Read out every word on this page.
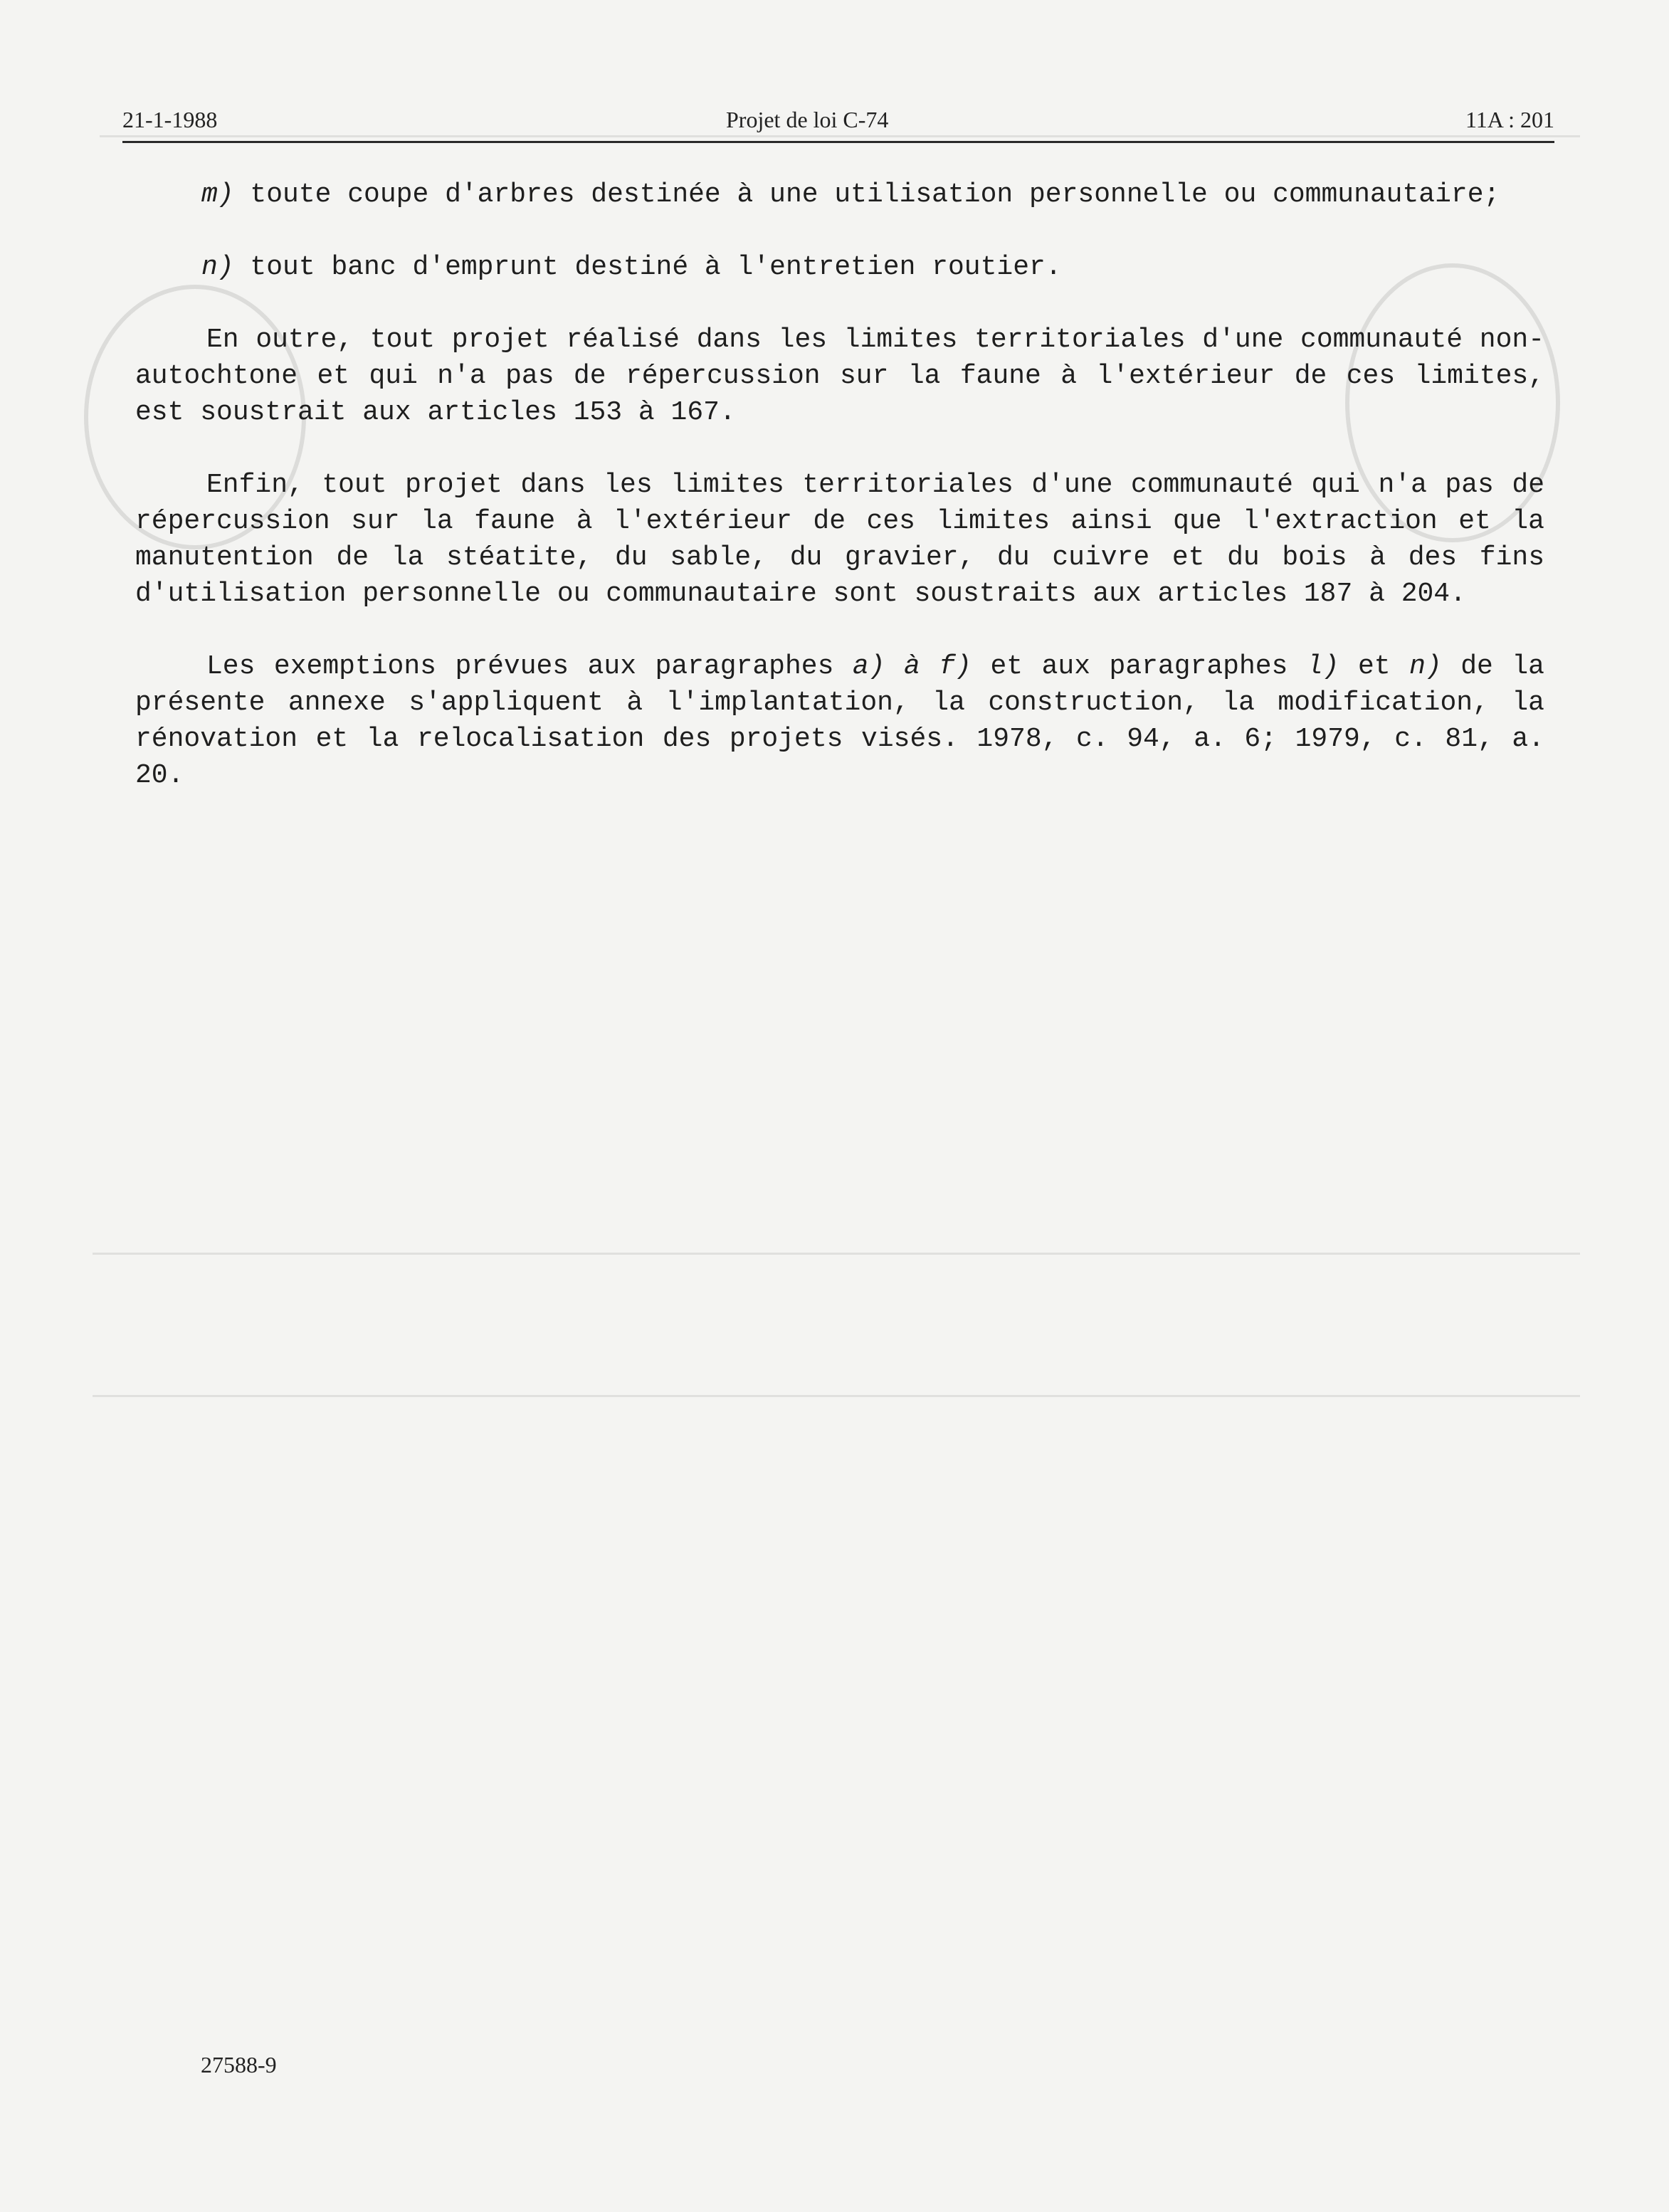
21-1-1988	Projet de loi C-74	11A : 201
m) toute coupe d'arbres destinée à une utilisation personnelle ou communautaire;
n) tout banc d'emprunt destiné à l'entretien routier.
En outre, tout projet réalisé dans les limites territoriales d'une communauté non-autochtone et qui n'a pas de répercussion sur la faune à l'extérieur de ces limites, est soustrait aux articles 153 à 167.
Enfin, tout projet dans les limites territoriales d'une communauté qui n'a pas de répercussion sur la faune à l'extérieur de ces limites ainsi que l'extraction et la manutention de la stéatite, du sable, du gravier, du cuivre et du bois à des fins d'utilisation personnelle ou communautaire sont soustraits aux articles 187 à 204.
Les exemptions prévues aux paragraphes a) à f) et aux paragraphes l) et n) de la présente annexe s'appliquent à l'implantation, la construction, la modification, la rénovation et la relocalisation des projets visés. 1978, c. 94, a. 6; 1979, c. 81, a. 20.
27588-9
